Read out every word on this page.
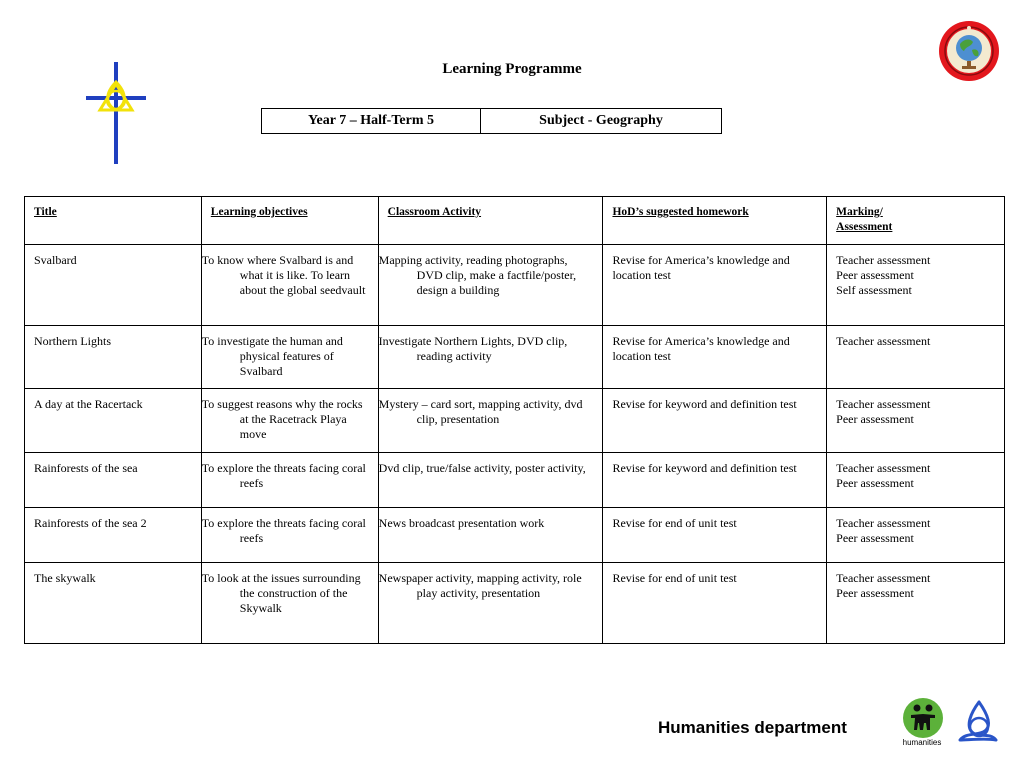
Learning Programme
Year 7 – Half-Term 5	Subject - Geography
Title	Learning objectives	Classroom Activity	HoD’s suggested homework	Marking/
Assessment
Svalbard	To know where Svalbard is and what it is like. To learn about the global seedvault	Mapping activity, reading photographs, DVD clip, make a factfile/poster, design a building	Revise for America’s knowledge and location test	Teacher assessment
Peer assessment
Self assessment
Northern Lights	To investigate the human and physical features of Svalbard	Investigate Northern Lights, DVD clip, reading activity	Revise for America’s knowledge and location test	Teacher assessment
A day at the Racertack	To suggest reasons why the rocks at the Racetrack Playa move	Mystery – card sort, mapping activity, dvd clip, presentation	Revise for keyword and definition test	Teacher assessment
Peer assessment
Rainforests of the sea	To explore the threats facing coral reefs	Dvd clip, true/false activity, poster activity,	Revise for keyword and definition test	Teacher assessment
Peer assessment
Rainforests of the sea 2	To explore the threats facing coral reefs	News broadcast presentation work	Revise for end of unit test	Teacher assessment
Peer assessment
The skywalk	To look at the issues surrounding the construction of the Skywalk	Newspaper activity, mapping activity, role play activity, presentation	Revise for end of unit test	Teacher assessment
Peer assessment
Humanities department
humanities
